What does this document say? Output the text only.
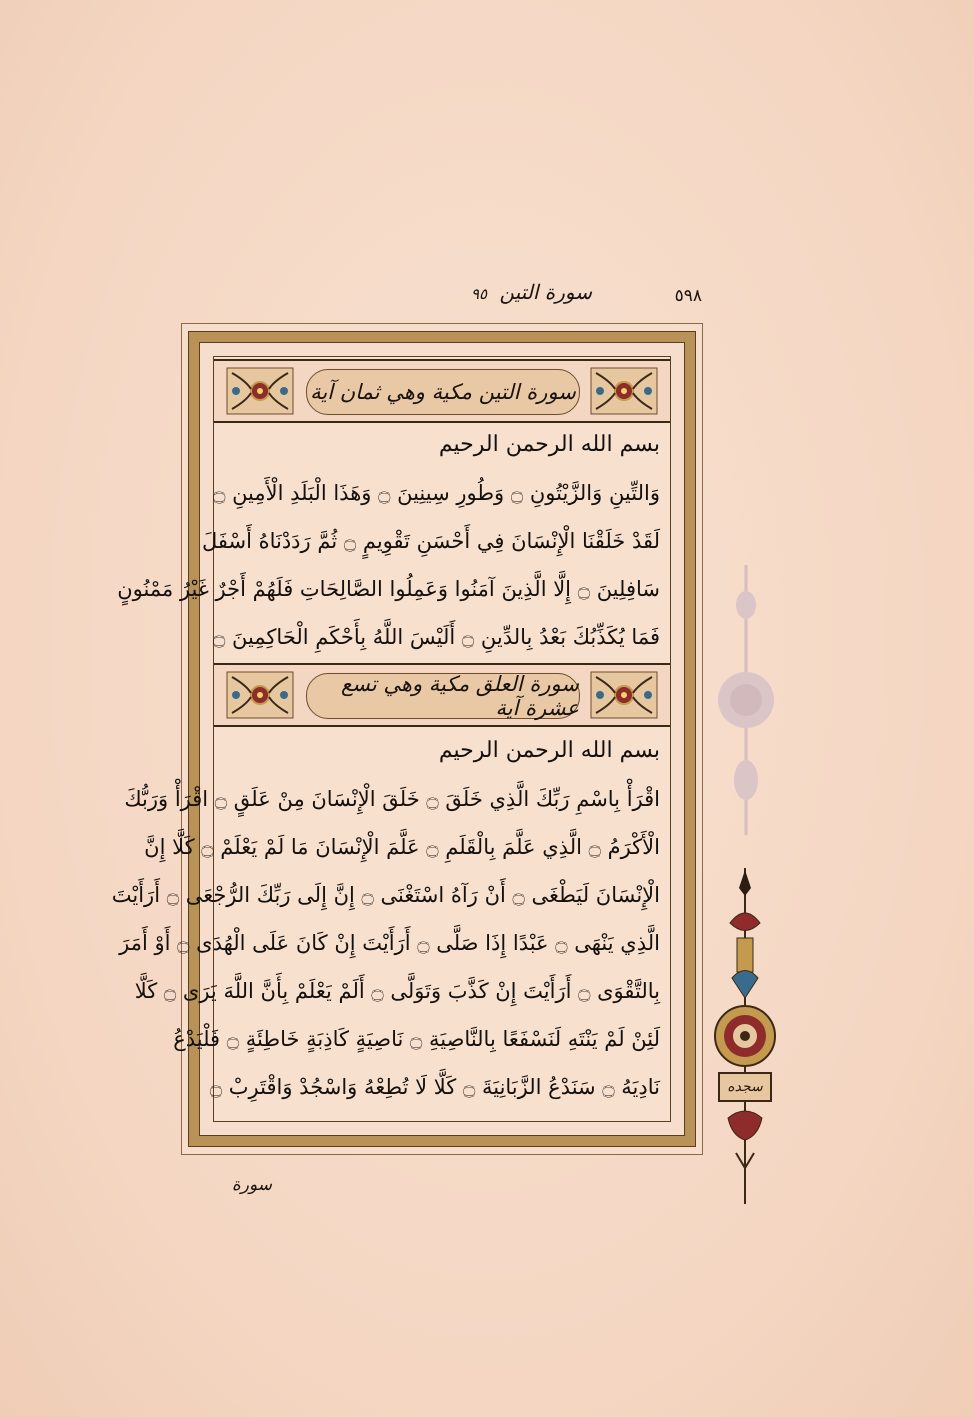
٥٩٨
سورة التين ٩٥
سورة التين مكية وهي ثمان آية
بسم الله الرحمن الرحيم
وَالتِّينِ وَالزَّيْتُونِ ۝ وَطُورِ سِينِينَ ۝ وَهَذَا الْبَلَدِ الْأَمِينِ ۝
لَقَدْ خَلَقْنَا الْإِنْسَانَ فِي أَحْسَنِ تَقْوِيمٍ ۝ ثُمَّ رَدَدْنَاهُ أَسْفَلَ
سَافِلِينَ ۝ إِلَّا الَّذِينَ آمَنُوا وَعَمِلُوا الصَّالِحَاتِ فَلَهُمْ أَجْرٌ غَيْرُ مَمْنُونٍ
فَمَا يُكَذِّبُكَ بَعْدُ بِالدِّينِ ۝ أَلَيْسَ اللَّهُ بِأَحْكَمِ الْحَاكِمِينَ ۝
سورة العلق مكية وهي تسع عشرة آية
بسم الله الرحمن الرحيم
اقْرَأْ بِاسْمِ رَبِّكَ الَّذِي خَلَقَ ۝ خَلَقَ الْإِنْسَانَ مِنْ عَلَقٍ ۝ اقْرَأْ وَرَبُّكَ
الْأَكْرَمُ ۝ الَّذِي عَلَّمَ بِالْقَلَمِ ۝ عَلَّمَ الْإِنْسَانَ مَا لَمْ يَعْلَمْ ۝ كَلَّا إِنَّ
الْإِنْسَانَ لَيَطْغَى ۝ أَنْ رَآهُ اسْتَغْنَى ۝ إِنَّ إِلَى رَبِّكَ الرُّجْعَى ۝ أَرَأَيْتَ
الَّذِي يَنْهَى ۝ عَبْدًا إِذَا صَلَّى ۝ أَرَأَيْتَ إِنْ كَانَ عَلَى الْهُدَى ۝ أَوْ أَمَرَ
بِالتَّقْوَى ۝ أَرَأَيْتَ إِنْ كَذَّبَ وَتَوَلَّى ۝ أَلَمْ يَعْلَمْ بِأَنَّ اللَّهَ يَرَى ۝ كَلَّا
لَئِنْ لَمْ يَنْتَهِ لَنَسْفَعًا بِالنَّاصِيَةِ ۝ نَاصِيَةٍ كَاذِبَةٍ خَاطِئَةٍ ۝ فَلْيَدْعُ
نَادِيَهُ ۝ سَنَدْعُ الزَّبَانِيَةَ ۝ كَلَّا لَا تُطِعْهُ وَاسْجُدْ وَاقْتَرِبْ ۝	سجده
سورة
